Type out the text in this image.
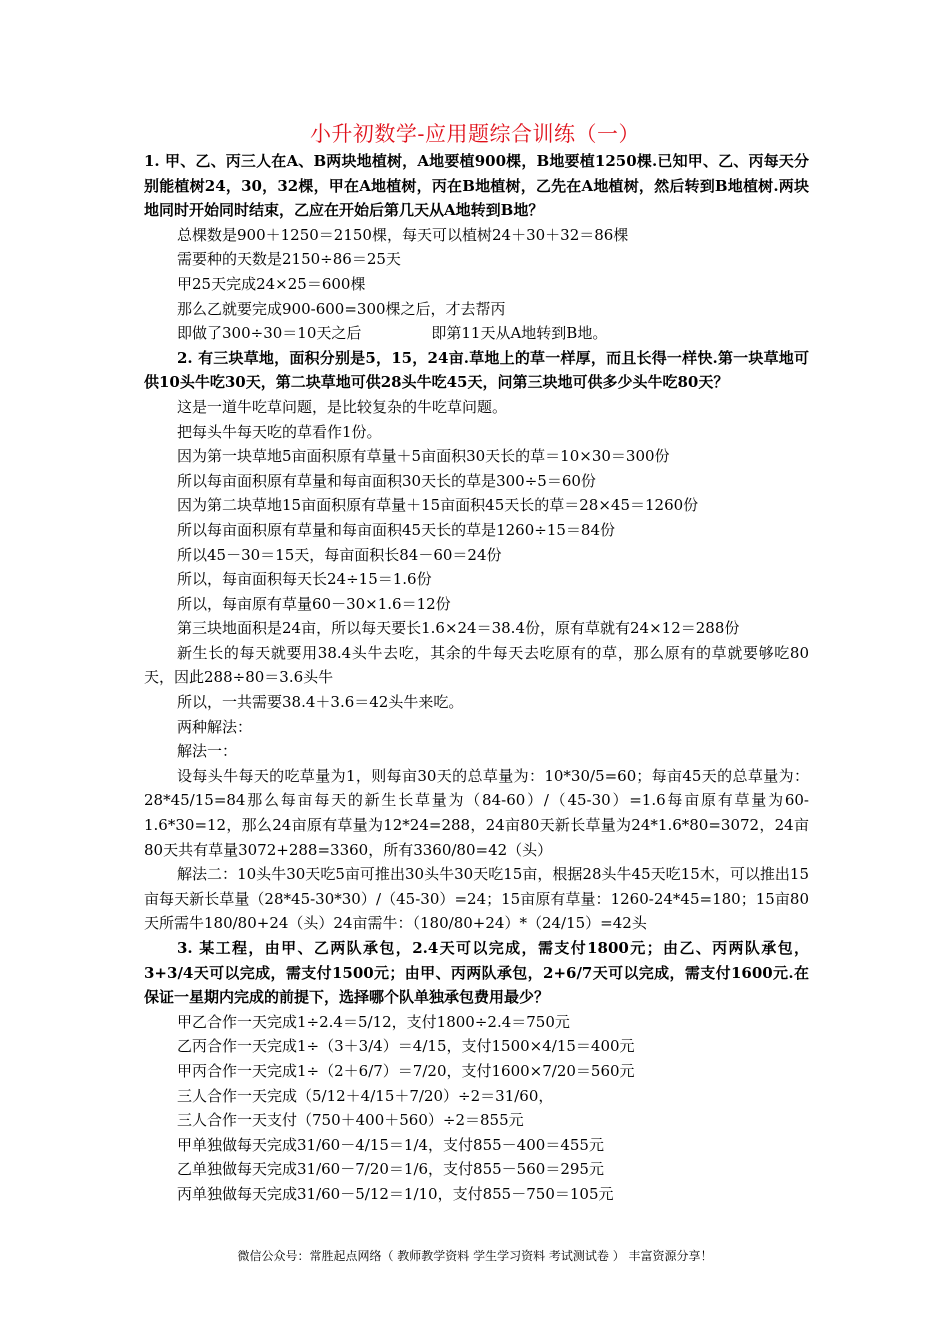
小升初数学-应用题综合训练（一）

1. 甲、乙、丙三人在A、B两块地植树，A地要植900棵，B地要植1250棵.已知甲、乙、丙每天分别能植树24，30，32棵，甲在A地植树，丙在B地植树，乙先在A地植树，然后转到B地植树.两块地同时开始同时结束，乙应在开始后第几天从A地转到B地？

总棵数是900＋1250＝2150棵，每天可以植树24＋30＋32＝86棵

需要种的天数是2150÷86＝25天

甲25天完成24×25＝600棵

那么乙就要完成900-600=300棵之后，才去帮丙

即做了300÷30＝10天之后	即第11天从A地转到B地。

2. 有三块草地，面积分别是5，15，24亩.草地上的草一样厚，而且长得一样快.第一块草地可供10头牛吃30天，第二块草地可供28头牛吃45天，问第三块地可供多少头牛吃80天？

这是一道牛吃草问题，是比较复杂的牛吃草问题。

把每头牛每天吃的草看作1份。

因为第一块草地5亩面积原有草量＋5亩面积30天长的草＝10×30＝300份

所以每亩面积原有草量和每亩面积30天长的草是300÷5＝60份

因为第二块草地15亩面积原有草量＋15亩面积45天长的草＝28×45＝1260份

所以每亩面积原有草量和每亩面积45天长的草是1260÷15＝84份

所以45－30＝15天，每亩面积长84－60＝24份

所以，每亩面积每天长24÷15＝1.6份

所以，每亩原有草量60－30×1.6＝12份

第三块地面积是24亩，所以每天要长1.6×24＝38.4份，原有草就有24×12＝288份

新生长的每天就要用38.4头牛去吃，其余的牛每天去吃原有的草，那么原有的草就要够吃80天，因此288÷80＝3.6头牛

所以，一共需要38.4＋3.6＝42头牛来吃。

两种解法：

解法一：

设每头牛每天的吃草量为1，则每亩30天的总草量为：10*30/5=60；每亩45天的总草量为：28*45/15=84那么每亩每天的新生长草量为（84-60）/（45-30）=1.6每亩原有草量为60-1.6*30=12，那么24亩原有草量为12*24=288，24亩80天新长草量为24*1.6*80=3072，24亩80天共有草量3072+288=3360，所有3360/80=42（头）

解法二：10头牛30天吃5亩可推出30头牛30天吃15亩，根据28头牛45天吃15木，可以推出15亩每天新长草量（28*45-30*30）/（45-30）=24；15亩原有草量：1260-24*45=180；15亩80天所需牛180/80+24（头）24亩需牛：（180/80+24）*（24/15）=42头

3. 某工程，由甲、乙两队承包，2.4天可以完成，需支付1800元；由乙、丙两队承包，3+3/4天可以完成，需支付1500元；由甲、丙两队承包，2+6/7天可以完成，需支付1600元.在保证一星期内完成的前提下，选择哪个队单独承包费用最少？

甲乙合作一天完成1÷2.4＝5/12，支付1800÷2.4＝750元

乙丙合作一天完成1÷（3＋3/4）＝4/15，支付1500×4/15＝400元

甲丙合作一天完成1÷（2＋6/7）＝7/20，支付1600×7/20＝560元

三人合作一天完成（5/12＋4/15＋7/20）÷2＝31/60，

三人合作一天支付（750＋400＋560）÷2＝855元

甲单独做每天完成31/60－4/15＝1/4，支付855－400＝455元

乙单独做每天完成31/60－7/20＝1/6，支付855－560＝295元

丙单独做每天完成31/60－5/12＝1/10，支付855－750＝105元

微信公众号：常胜起点网络（ 教师教学资料 学生学习资料 考试测试卷 ） 丰富资源分享！
